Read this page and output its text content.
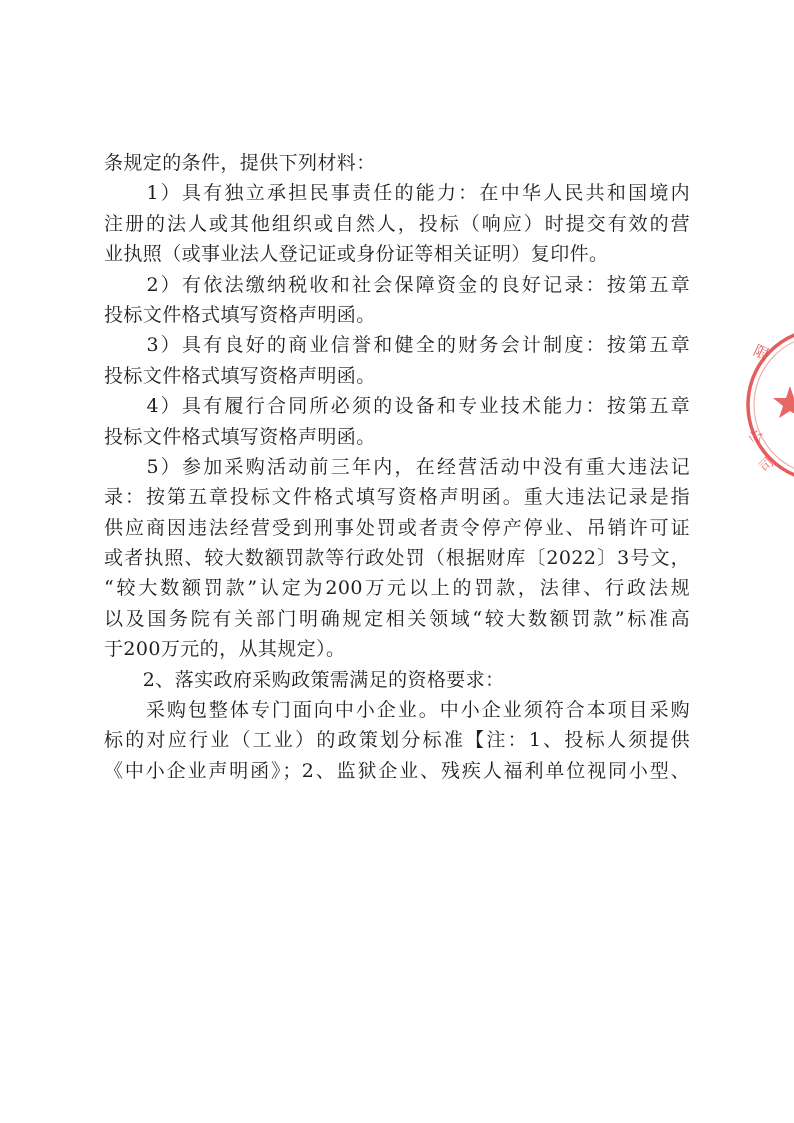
条规定的条件，提供下列材料：
　　1）具有独立承担民事责任的能力：在中华人民共和国境内
注册的法人或其他组织或自然人，投标（响应）时提交有效的营
业执照（或事业法人登记证或身份证等相关证明）复印件。
　　2）有依法缴纳税收和社会保障资金的良好记录：按第五章
投标文件格式填写资格声明函。
　　3）具有良好的商业信誉和健全的财务会计制度：按第五章
投标文件格式填写资格声明函。
　　4）具有履行合同所必须的设备和专业技术能力：按第五章
投标文件格式填写资格声明函。
　　5）参加采购活动前三年内，在经营活动中没有重大违法记
录：按第五章投标文件格式填写资格声明函。重大违法记录是指
供应商因违法经营受到刑事处罚或者责令停产停业、吊销许可证
或者执照、较大数额罚款等行政处罚（根据财库〔2022〕3号文，
“较大数额罚款”认定为200万元以上的罚款，法律、行政法规
以及国务院有关部门明确规定相关领域“较大数额罚款”标准高
于200万元的，从其规定）。
　　2、落实政府采购政策需满足的资格要求：
　　采购包整体专门面向中小企业。中小企业须符合本项目采购
标的对应行业（工业）的政策划分标准【注：1、投标人须提供
《中小企业声明函》；2、监狱企业、残疾人福利单位视同小型、
限
公
司
